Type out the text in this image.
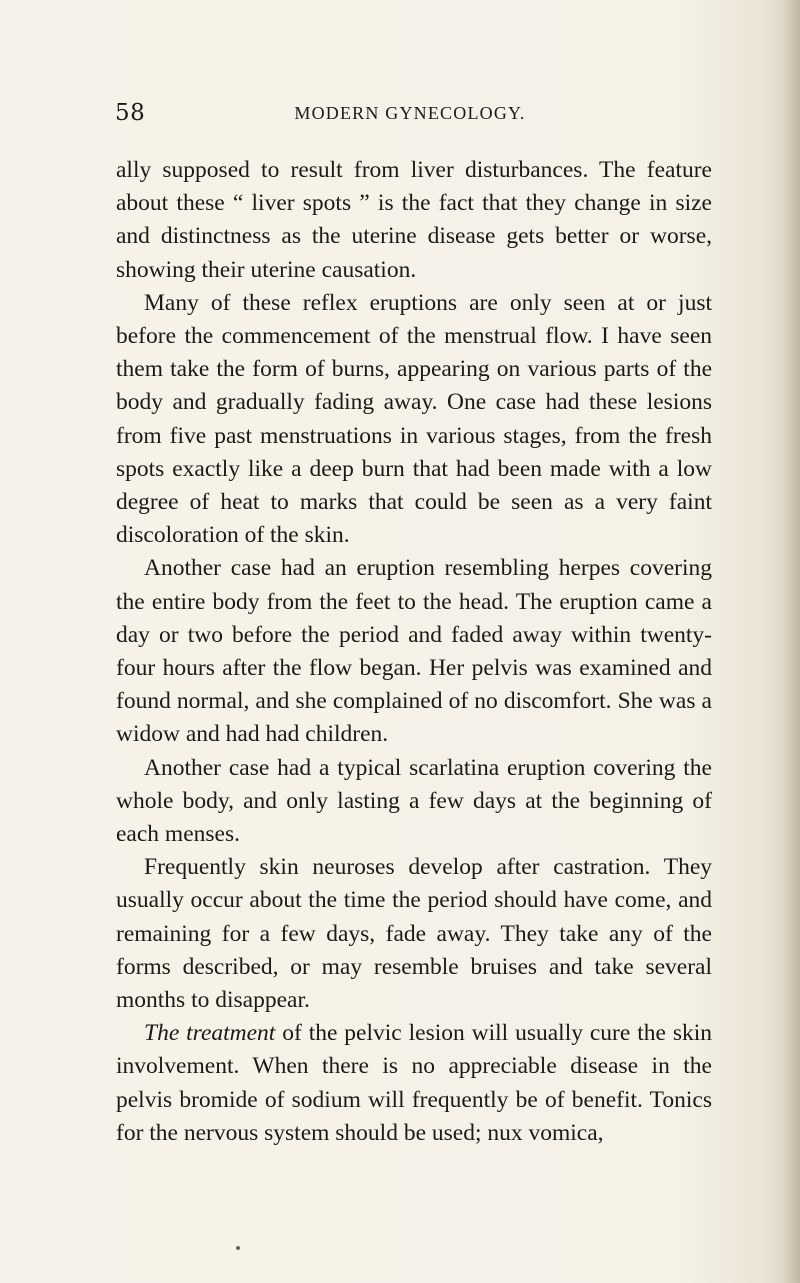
58	MODERN GYNECOLOGY.

ally supposed to result from liver disturbances. The feature about these “ liver spots ” is the fact that they change in size and distinctness as the uterine disease gets better or worse, showing their uterine causation.

Many of these reflex eruptions are only seen at or just before the commencement of the menstrual flow. I have seen them take the form of burns, appearing on various parts of the body and gradually fading away. One case had these lesions from five past menstruations in various stages, from the fresh spots exactly like a deep burn that had been made with a low degree of heat to marks that could be seen as a very faint discoloration of the skin.

Another case had an eruption resembling herpes covering the entire body from the feet to the head. The eruption came a day or two before the period and faded away within twenty-four hours after the flow began. Her pelvis was examined and found normal, and she complained of no discomfort. She was a widow and had had children.

Another case had a typical scarlatina eruption covering the whole body, and only lasting a few days at the beginning of each menses.

Frequently skin neuroses develop after castration. They usually occur about the time the period should have come, and remaining for a few days, fade away. They take any of the forms described, or may resemble bruises and take several months to disappear.

The treatment of the pelvic lesion will usually cure the skin involvement. When there is no appreciable disease in the pelvis bromide of sodium will frequently be of benefit. Tonics for the nervous system should be used; nux vomica,
